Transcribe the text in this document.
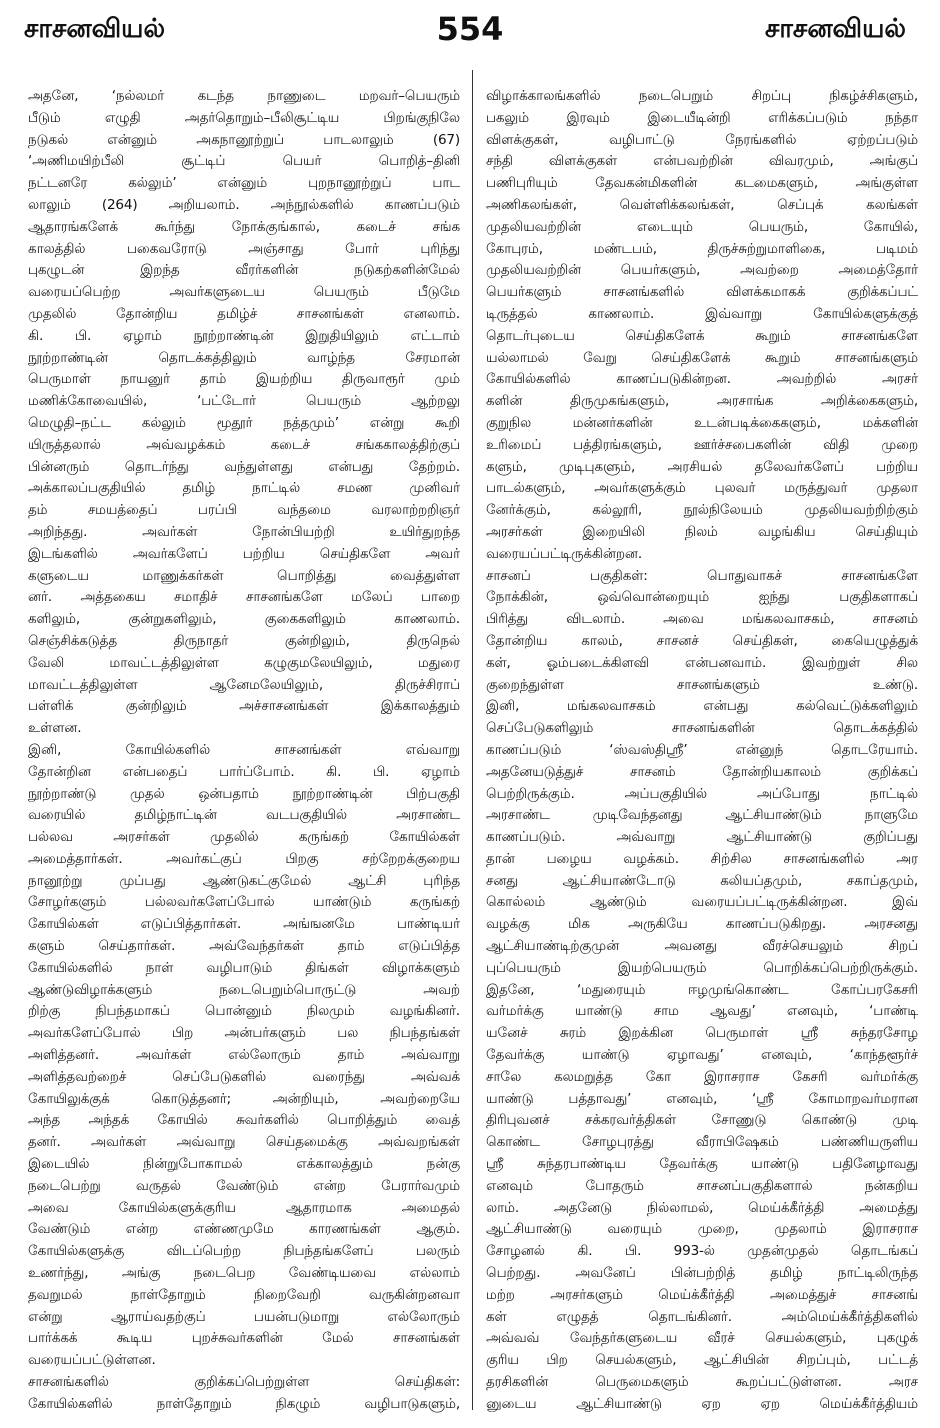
சாசனவியல்	554	சாசனவியல்
அதனே, ‘நல்லமர் கடந்த நாணுடை மறவர்–பெயரும்
பீடும் எழுதி அதர்தொறும்–பீலிசூட்டிய பிறங்குநிலே
நடுகல் என்னும் அகநானூற்றுப் பாடலாலும் (67)
‘அணிமயிற்பீலி சூட்டிப் பெயர் பொறித்–தினி
நட்டனரே கல்லும்’ என்னும் புறநானூற்றுப் பாட
லாலும் (264) அறியலாம். அந்நூல்களில் காணப்படும்
ஆதாரங்களேக் கூர்ந்து நோக்குங்கால், கடைச் சங்க
காலத்தில் பகைவரோடு அஞ்சாது போர் புரிந்து
புகழுடன் இறந்த வீரர்களின் நடுகற்களின்மேல்
வரையப்பெற்ற அவர்களுடைய பெயரும் பீடுமே
முதலில் தோன்றிய தமிழ்ச் சாசனங்கள் எனலாம்.
கி. பி. ஏழாம் நூற்றாண்டின் இறுதியிலும் எட்டாம்
நூற்றாண்டின் தொடக்கத்திலும் வாழ்ந்த சேரமான்
பெருமாள் நாயனுர் தாம் இயற்றிய திருவாரூர் மும்
மணிக்கோவையில், ‘பட்டோர் பெயரும் ஆற்றலு
மெழுதி–நட்ட கல்லும் மூதூர் நத்தமும்’ என்று கூறி
யிருத்தலால் அவ்வழக்கம் கடைச் சங்ககாலத்திற்குப்
பின்னரும் தொடர்ந்து வந்துள்ளது என்பது தேற்றம்.
அக்காலப்பகுதியில் தமிழ் நாட்டில் சமண முனிவர்
தம் சமயத்தைப் பரப்பி வந்தமை வரலாற்றறிஞர்
அறிந்தது. அவர்கள் நோன்பியற்றி உயிர்துறந்த
இடங்களில் அவர்களேப் பற்றிய செய்திகளே அவர்
களுடைய மாணுக்கர்கள் பொறித்து வைத்துள்ள
னர். அத்தகைய சமாதிச் சாசனங்களே மலேப் பாறை
களிலும், குன்றுகளிலும், குகைகளிலும் காணலாம்.
செஞ்சிக்கடுத்த திருநாதர் குன்றிலும், திருநெல்
வேலி மாவட்டத்திலுள்ள கழுகுமலேயிலும், மதுரை
மாவட்டத்திலுள்ள ஆனேமலேயிலும், திருச்சிராப்
பள்ளிக் குன்றிலும் அச்சாசனங்கள் இக்காலத்தும்
உள்ளன.
இனி, கோயில்களில் சாசனங்கள் எவ்வாறு
தோன்றின என்பதைப் பார்ப்போம். கி. பி. ஏழாம்
நூற்றாண்டு முதல் ஒன்பதாம் நூற்றாண்டின் பிற்பகுதி
வரையில் தமிழ்நாட்டின் வடபகுதியில் அரசாண்ட
பல்லவ அரசர்கள் முதலில் கருங்கற் கோயில்கள்
அமைத்தார்கள். அவர்கட்குப் பிறகு சற்றேறக்குறைய
நானூற்று முப்பது ஆண்டுகட்குமேல் ஆட்சி புரிந்த
சோழர்களும் பல்லவர்களேப்போல் யாண்டும் கருங்கற்
கோயில்கள் எடுப்பித்தார்கள். அங்ஙனமே பாண்டியர்
களும் செய்தார்கள். அவ்வேந்தர்கள் தாம் எடுப்பித்த
கோயில்களில் நாள் வழிபாடும் திங்கள் விழாக்களும்
ஆண்டுவிழாக்களும் நடைபெறும்பொருட்டு அவற்
றிற்கு நிபந்தமாகப் பொன்னும் நிலமும் வழங்கினர்.
அவர்களேப்போல் பிற அன்பர்களும் பல நிபந்தங்கள்
அளித்தனர். அவர்கள் எல்லோரும் தாம் அவ்வாறு
அளித்தவற்றைச் செப்பேடுகளில் வரைந்து அவ்வக்
கோயிலுக்குக் கொடுத்தனர்; அன்றியும், அவற்றையே
அந்த அந்தக் கோயில் சுவர்களில் பொறித்தும் வைத்
தனர். அவர்கள் அவ்வாறு செய்தமைக்கு அவ்வறங்கள்
இடையில் நின்றுபோகாமல் எக்காலத்தும் நன்கு
நடைபெற்று வருதல் வேண்டும் என்ற பேரார்வமும்
அவை கோயில்களுக்குரிய ஆதாரமாக அமைதல்
வேண்டும் என்ற எண்ணமுமே காரணங்கள் ஆகும்.
கோயில்களுக்கு விடப்பெற்ற நிபந்தங்களேப் பலரும்
உணர்ந்து, அங்கு நடைபெற வேண்டியவை எல்லாம்
தவறுமல் நாள்தோறும் நிறைவேறி வருகின்றனவா
என்று ஆராய்வதற்குப் பயன்படுமாறு எல்லோரும்
பார்க்கக் கூடிய புறச்சுவர்களின் மேல் சாசனங்கள்
வரையப்பட்டுள்ளன.
சாசனங்களில் குறிக்கப்பெற்றுள்ள செய்திகள்:
கோயில்களில் நாள்தோறும் நிகழும் வழிபாடுகளும்,
விழாக்காலங்களில் நடைபெறும் சிறப்பு நிகழ்ச்சிகளும்,
பகலும் இரவும் இடையீடின்றி எரிக்கப்படும் நந்தா
விளக்குகள், வழிபாட்டு நேரங்களில் ஏற்றப்படும்
சந்தி விளக்குகள் என்பவற்றின் விவரமும், அங்குப்
பணிபுரியும் தேவகன்மிகளின் கடமைகளும், அங்குள்ள
அணிகலங்கள், வெள்ளிக்கலங்கள், செப்புக் கலங்கள்
முதலியவற்றின் எடையும் பெயரும், கோயில்,
கோபுரம், மண்டபம், திருச்சுற்றுமாளிகை, படிமம்
முதலியவற்றின் பெயர்களும், அவற்றை அமைத்தோர்
பெயர்களும் சாசனங்களில் விளக்கமாகக் குறிக்கப்பட்
டிருத்தல் காணலாம். இவ்வாறு கோயில்களுக்குத்
தொடர்புடைய செய்திகளேக் கூறும் சாசனங்களே
யல்லாமல் வேறு செய்திகளேக் கூறும் சாசனங்களும்
கோயில்களில் காணப்படுகின்றன. அவற்றில் அரசர்
களின் திருமுகங்களும், அரசாங்க அறிக்கைகளும்,
குறுநில மன்னர்களின் உடன்படிக்கைகளும், மக்களின்
உரிமைப் பத்திரங்களும், ஊர்ச்சபைகளின் விதி முறை
களும், முடிபுகளும், அரசியல் தலேவர்களேப் பற்றிய
பாடல்களும், அவர்களுக்கும் புலவர் மருத்துவர் முதலா
னேர்க்கும், கல்லூரி, நூல்நிலேயம் முதலியவற்றிற்கும்
அரசர்கள் இறையிலி நிலம் வழங்கிய செய்தியும்
வரையப்பட்டிருக்கின்றன.
சாசனப் பகுதிகள்: பொதுவாகச் சாசனங்களே
நோக்கின், ஒவ்வொன்றையும் ஐந்து பகுதிகளாகப்
பிரித்து விடலாம். அவை மங்கலவாசகம், சாசனம்
தோன்றிய காலம், சாசனச் செய்திகள், கையெழுத்துக்
கள், ஓம்படைக்கிளவி என்பனவாம். இவற்றுள் சில
குறைந்துள்ள சாசனங்களும் உண்டு.
இனி, மங்கலவாசகம் என்பது கல்வெட்டுக்களிலும்
செப்பேடுகளிலும் சாசனங்களின் தொடக்கத்தில்
காணப்படும் ‘ஸ்வஸ்திஸ்ரீ’ என்னுந் தொடரேயாம்.
அதனேயடுத்துச் சாசனம் தோன்றியகாலம் குறிக்கப்
பெற்றிருக்கும். அப்பகுதியில் அப்போது நாட்டில்
அரசாண்ட முடிவேந்தனது ஆட்சியாண்டும் நாளுமே
காணப்படும். அவ்வாறு ஆட்சியாண்டு குறிப்பது
தான் பழைய வழக்கம். சிற்சில சாசனங்களில் அர
சனது ஆட்சியாண்டோடு கலியப்தமும், சகாப்தமும்,
கொல்லம் ஆண்டும் வரையப்பட்டிருக்கின்றன. இவ்
வழக்கு மிக அருகியே காணப்படுகிறது. அரசனது
ஆட்சியாண்டிற்குமுன் அவனது வீரச்செயலும் சிறப்
புப்பெயரும் இயற்பெயரும் பொறிக்கப்பெற்றிருக்கும்.
இதனே, ‘மதுரையும் ஈழமுங்கொண்ட கோப்பரகேசரி
வர்மர்க்கு யாண்டு சாம ஆவது’ எனவும், ‘பாண்டி
யனேச் சுரம் இறக்கின பெருமாள் ஸ்ரீ சுந்தரசோழ
தேவர்க்கு யாண்டு ஏழாவது’ எனவும், ‘காந்தளூர்ச்
சாலே கலமறுத்த கோ இராசராச கேசரி வர்மர்க்கு
யாண்டு பத்தாவது’ எனவும், ‘ஸ்ரீ கோமாறவர்மரான
திரிபுவனச் சக்கரவர்த்திகள் சோணுடு கொண்டு முடி
கொண்ட சோழபுரத்து வீராபிஷேகம் பண்ணியருளிய
ஸ்ரீ சுந்தரபாண்டிய தேவர்க்கு யாண்டு பதினேழாவது
எனவும் போதரும் சாசனப்பகுதிகளால் நன்கறிய
லாம். அதனேடு நில்லாமல், மெய்க்கீர்த்தி அமைத்து
ஆட்சியாண்டு வரையும் முறை, முதலாம் இராசராச
சோழனல் கி. பி. 993-ல் முதன்முதல் தொடங்கப்
பெற்றது. அவனேப் பின்பற்றித் தமிழ் நாட்டிலிருந்த
மற்ற அரசர்களும் மெய்க்கீர்த்தி அமைத்துச் சாசனங்
கள் எழுதத் தொடங்கினர். அம்மெய்க்கீர்த்திகளில்
அவ்வவ் வேந்தர்களுடைய வீரச் செயல்களும், புகழுக்
குரிய பிற செயல்களும், ஆட்சியின் சிறப்பும், பட்டத்
தரசிகளின் பெருமைகளும் கூறப்பட்டுள்ளன. அரச
னுடைய ஆட்சியாண்டு ஏற ஏற மெய்க்கீர்த்தியம்
